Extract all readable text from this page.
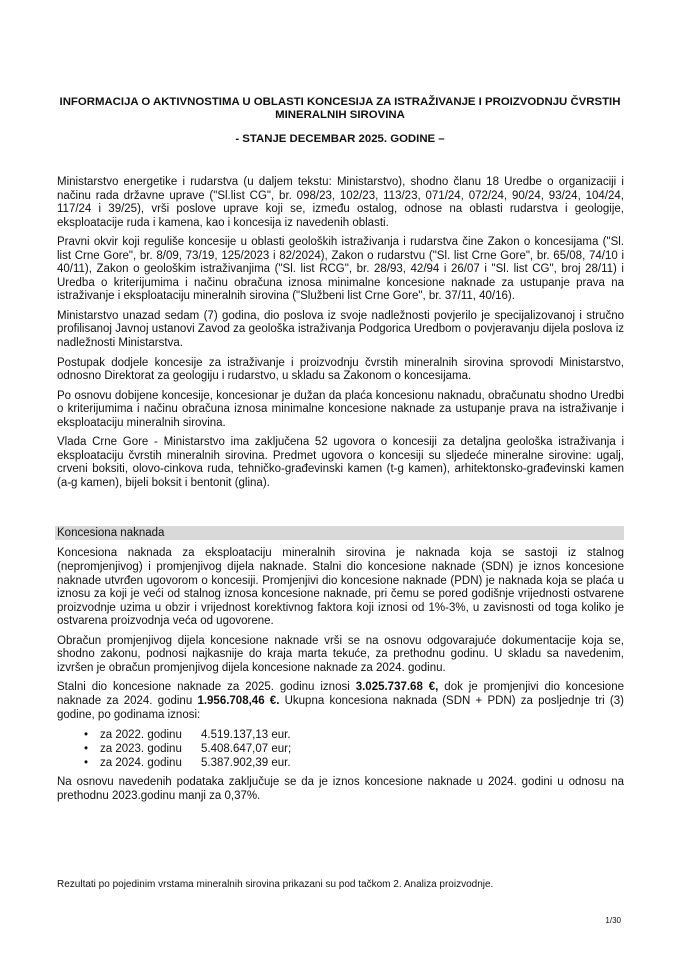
INFORMACIJA O AKTIVNOSTIMA U OBLASTI KONCESIJA ZA ISTRAŽIVANJE I PROIZVODNJU ČVRSTIH MINERALNIH SIROVINA
- STANJE DECEMBAR 2025. GODINE –

Ministarstvo energetike i rudarstva (u daljem tekstu: Ministarstvo), shodno članu 18 Uredbe o organizaciji i načinu rada državne uprave ("Sl.list CG", br. 098/23, 102/23, 113/23, 071/24, 072/24, 90/24, 93/24, 104/24, 117/24 i 39/25), vrši poslove uprave koji se, između ostalog, odnose na oblasti rudarstva i geologije, eksploatacije ruda i kamena, kao i koncesija iz navedenih oblasti.

Pravni okvir koji reguliše koncesije u oblasti geoloških istraživanja i rudarstva čine Zakon o koncesijama ("Sl. list Crne Gore", br. 8/09, 73/19, 125/2023 i 82/2024), Zakon o rudarstvu ("Sl. list Crne Gore", br. 65/08, 74/10 i 40/11), Zakon o geološkim istraživanjima ("Sl. list RCG", br. 28/93, 42/94 i 26/07 i "Sl. list CG", broj 28/11) i Uredba o kriterijumima i načinu obračuna iznosa minimalne koncesione naknade za ustupanje prava na istraživanje i eksploataciju mineralnih sirovina ("Službeni list Crne Gore", br. 37/11, 40/16).

Ministarstvo unazad sedam (7) godina, dio poslova iz svoje nadležnosti povjerilo je specijalizovanoj i stručno profilisanoj Javnoj ustanovi Zavod za geološka istraživanja Podgorica Uredbom o povjeravanju dijela poslova iz nadležnosti Ministarstva.

Postupak dodjele koncesije za istraživanje i proizvodnju čvrstih mineralnih sirovina sprovodi Ministarstvo, odnosno Direktorat za geologiju i rudarstvo, u skladu sa Zakonom o koncesijama.

Po osnovu dobijene koncesije, koncesionar je dužan da plaća koncesionu naknadu, obračunatu shodno Uredbi o kriterijumima i načinu obračuna iznosa minimalne koncesione naknade za ustupanje prava na istraživanje i eksploataciju mineralnih sirovina.

Vlada Crne Gore - Ministarstvo ima zaključena 52 ugovora o koncesiji za detaljna geološka istraživanja i eksploataciju čvrstih mineralnih sirovina. Predmet ugovora o koncesiji su sljedeće mineralne sirovine: ugalj, crveni boksiti, olovo-cinkova ruda, tehničko-građevinski kamen (t-g kamen), arhitektonsko-građevinski kamen (a-g kamen), bijeli boksit i bentonit (glina).

Koncesiona naknada

Koncesiona naknada za eksploataciju mineralnih sirovina je naknada koja se sastoji iz stalnog (nepromjenjivog) i promjenjivog dijela naknade. Stalni dio koncesione naknade (SDN) je iznos koncesione naknade utvrđen ugovorom o koncesiji. Promjenjivi dio koncesione naknade (PDN) je naknada koja se plaća u iznosu za koji je veći od stalnog iznosa koncesione naknade, pri čemu se pored godišnje vrijednosti ostvarene proizvodnje uzima u obzir i vrijednost korektivnog faktora koji iznosi od 1%-3%, u zavisnosti od toga koliko je ostvarena proizvodnja veća od ugovorene.

Obračun promjenjivog dijela koncesione naknade vrši se na osnovu odgovarajuće dokumentacije koja se, shodno zakonu, podnosi najkasnije do kraja marta tekuće, za prethodnu godinu. U skladu sa navedenim, izvršen je obračun promjenjivog dijela koncesione naknade za 2024. godinu.

Stalni dio koncesione naknade za 2025. godinu iznosi 3.025.737.68 €, dok je promjenjivi dio koncesione naknade za 2024. godinu 1.956.708,46 €. Ukupna koncesiona naknada (SDN + PDN) za posljednje tri (3) godine, po godinama iznosi:

•	za 2022. godinu	4.519.137,13 eur.
•	za 2023. godinu	5.408.647,07 eur;
•	za 2024. godinu	5.387.902,39 eur.

Na osnovu navedenih podataka zaključuje se da je iznos koncesione naknade u 2024. godini u odnosu na prethodnu 2023.godinu manji za 0,37%.

Rezultati po pojedinim vrstama mineralnih sirovina prikazani su pod tačkom 2. Analiza proizvodnje.
1/30
